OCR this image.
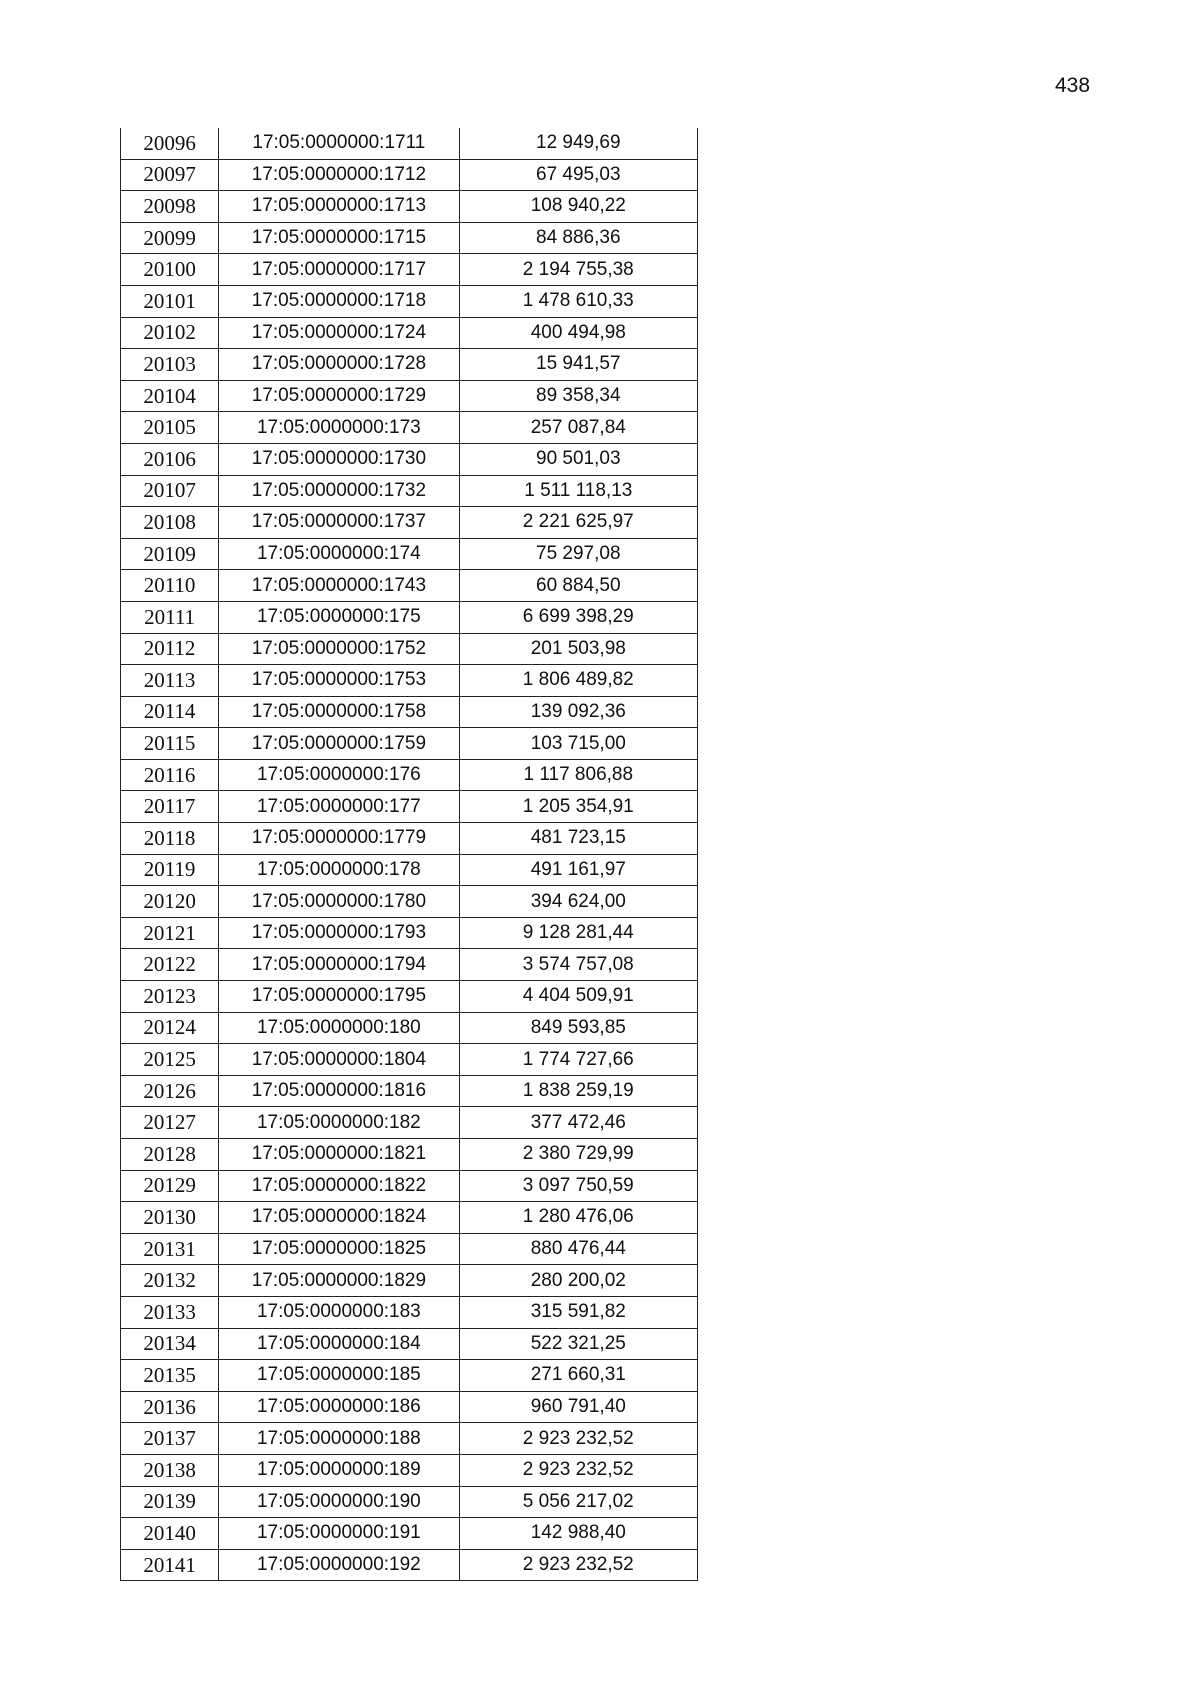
438
20096	17:05:0000000:1711	12 949,69
20097	17:05:0000000:1712	67 495,03
20098	17:05:0000000:1713	108 940,22
20099	17:05:0000000:1715	84 886,36
20100	17:05:0000000:1717	2 194 755,38
20101	17:05:0000000:1718	1 478 610,33
20102	17:05:0000000:1724	400 494,98
20103	17:05:0000000:1728	15 941,57
20104	17:05:0000000:1729	89 358,34
20105	17:05:0000000:173	257 087,84
20106	17:05:0000000:1730	90 501,03
20107	17:05:0000000:1732	1 511 118,13
20108	17:05:0000000:1737	2 221 625,97
20109	17:05:0000000:174	75 297,08
20110	17:05:0000000:1743	60 884,50
20111	17:05:0000000:175	6 699 398,29
20112	17:05:0000000:1752	201 503,98
20113	17:05:0000000:1753	1 806 489,82
20114	17:05:0000000:1758	139 092,36
20115	17:05:0000000:1759	103 715,00
20116	17:05:0000000:176	1 117 806,88
20117	17:05:0000000:177	1 205 354,91
20118	17:05:0000000:1779	481 723,15
20119	17:05:0000000:178	491 161,97
20120	17:05:0000000:1780	394 624,00
20121	17:05:0000000:1793	9 128 281,44
20122	17:05:0000000:1794	3 574 757,08
20123	17:05:0000000:1795	4 404 509,91
20124	17:05:0000000:180	849 593,85
20125	17:05:0000000:1804	1 774 727,66
20126	17:05:0000000:1816	1 838 259,19
20127	17:05:0000000:182	377 472,46
20128	17:05:0000000:1821	2 380 729,99
20129	17:05:0000000:1822	3 097 750,59
20130	17:05:0000000:1824	1 280 476,06
20131	17:05:0000000:1825	880 476,44
20132	17:05:0000000:1829	280 200,02
20133	17:05:0000000:183	315 591,82
20134	17:05:0000000:184	522 321,25
20135	17:05:0000000:185	271 660,31
20136	17:05:0000000:186	960 791,40
20137	17:05:0000000:188	2 923 232,52
20138	17:05:0000000:189	2 923 232,52
20139	17:05:0000000:190	5 056 217,02
20140	17:05:0000000:191	142 988,40
20141	17:05:0000000:192	2 923 232,52
